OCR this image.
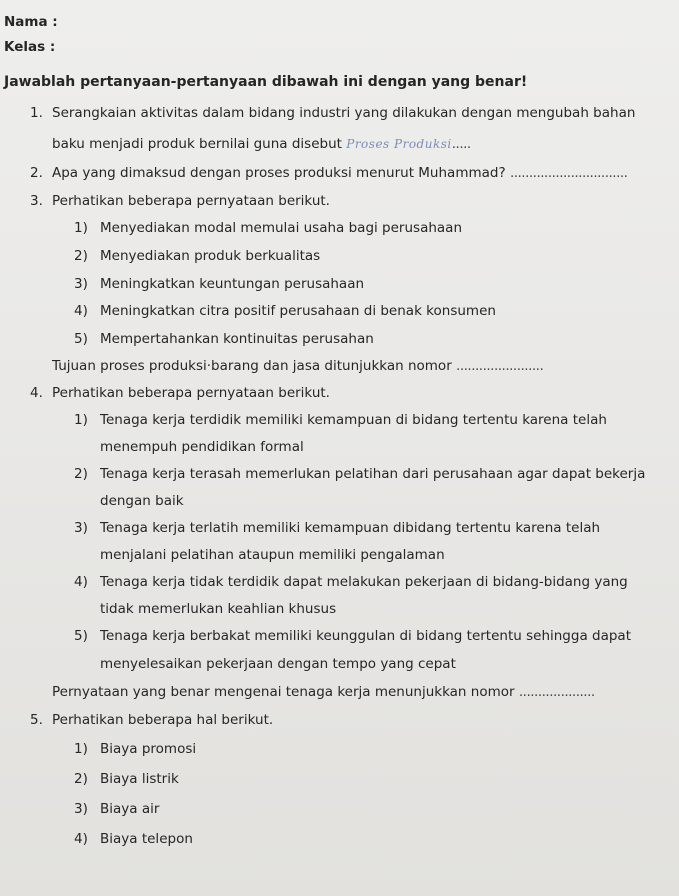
Nama :
Kelas :
Jawablah pertanyaan-pertanyaan dibawah ini dengan yang benar!
1. Serangkaian aktivitas dalam bidang industri yang dilakukan dengan mengubah bahan
baku menjadi produk bernilai guna disebut Proses Produksi.....
2. Apa yang dimaksud dengan proses produksi menurut Muhammad? ...............................
3. Perhatikan beberapa pernyataan berikut.
1) Menyediakan modal memulai usaha bagi perusahaan
2) Menyediakan produk berkualitas
3) Meningkatkan keuntungan perusahaan
4) Meningkatkan citra positif perusahaan di benak konsumen
5) Mempertahankan kontinuitas perusahan
Tujuan proses produksi·barang dan jasa ditunjukkan nomor .......................
4. Perhatikan beberapa pernyataan berikut.
1) Tenaga kerja terdidik memiliki kemampuan di bidang tertentu karena telah
menempuh pendidikan formal
2) Tenaga kerja terasah memerlukan pelatihan dari perusahaan agar dapat bekerja
dengan baik
3) Tenaga kerja terlatih memiliki kemampuan dibidang tertentu karena telah
menjalani pelatihan ataupun memiliki pengalaman
4) Tenaga kerja tidak terdidik dapat melakukan pekerjaan di bidang-bidang yang
tidak memerlukan keahlian khusus
5) Tenaga kerja berbakat memiliki keunggulan di bidang tertentu sehingga dapat
menyelesaikan pekerjaan dengan tempo yang cepat
Pernyataan yang benar mengenai tenaga kerja menunjukkan nomor ....................
5. Perhatikan beberapa hal berikut.
1) Biaya promosi
2) Biaya listrik
3) Biaya air
4) Biaya telepon
